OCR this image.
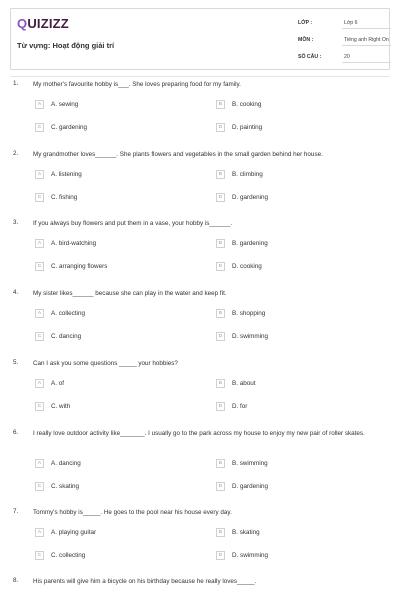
QUIZIZZ
Từ vựng: Hoạt động giải trí
LỚP :	Lớp 6
MÔN :	Tiếng anh Right On
SỐ CÂU :	20
1. My mother's favourite hobby is___. She loves preparing food for my family.
A	A. sewing	B	B. cooking
C	C. gardening	D	D. painting
2. My grandmother loves______. She plants flowers and vegetables in the small garden behind her house.
A	A. listening	B	B. climbing
C	C. fishing	D	D. gardening
3. If you always buy flowers and put them in a vase, your hobby is______.
A	A. bird-watching	B	B. gardening
C	C. arranging flowers	D	D. cooking
4. My sister likes______ because she can play in the water and keep fit.
A	A. collecting	B	B. shopping
C	C. dancing	D	D. swimming
5. Can I ask you some questions _____ your hobbies?
A	A. of	B	B. about
C	C. with	D	D. for
6. I really love outdoor activity like_______. I usually go to the park across my house to enjoy my new pair of roller skates.
A	A. dancing	B	B. swimming
C	C. skating	D	D. gardening
7. Tommy's hobby is_____. He goes to the pool near his house every day.
A	A. playing guitar	B	B. skating
C	C. collecting	D	D. swimming
8. His parents will give him a bicycle on his birthday because he really loves_____.
